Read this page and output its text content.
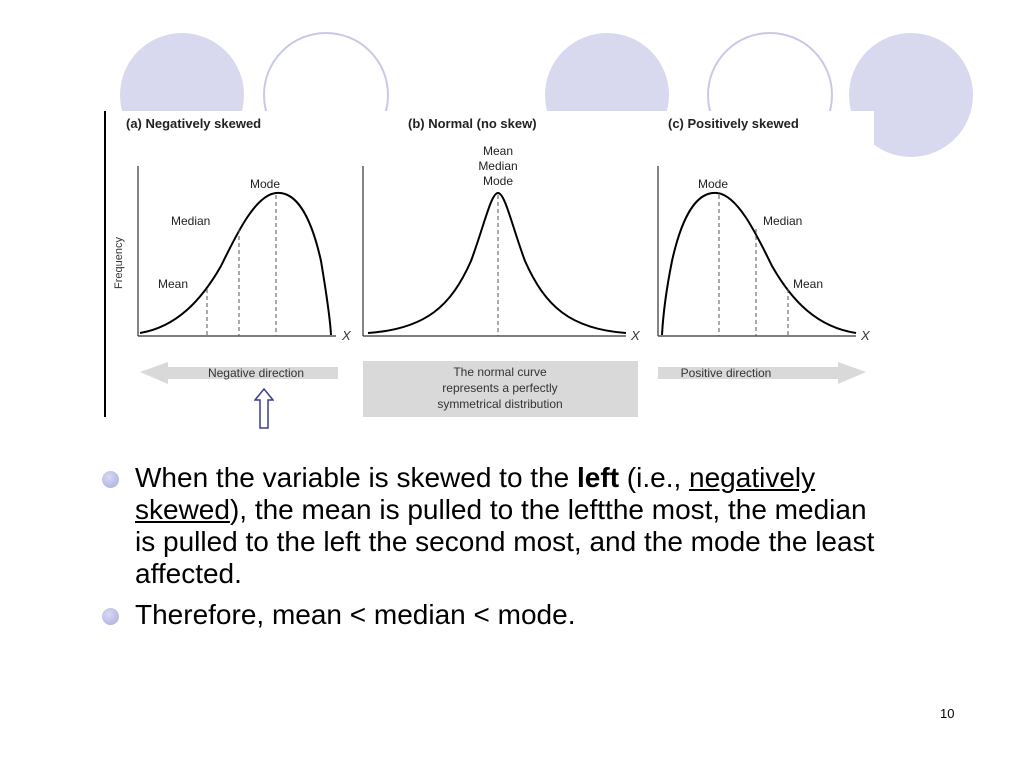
(a) Negatively skewed	(b) Normal (no skew)	(c) Positively skewed
X
Frequency
Mode
Median
Mean
X
Mean
Median
Mode
X
Mode
Median
Mean
Negative direction	The normal curve
represents a perfectly
symmetrical distribution
Positive direction
When the variable is skewed to the left (i.e., negatively skewed), the mean is pulled to the leftthe most, the median is pulled to the left the second most, and the mode the least affected.
Therefore, mean < median < mode.
10
